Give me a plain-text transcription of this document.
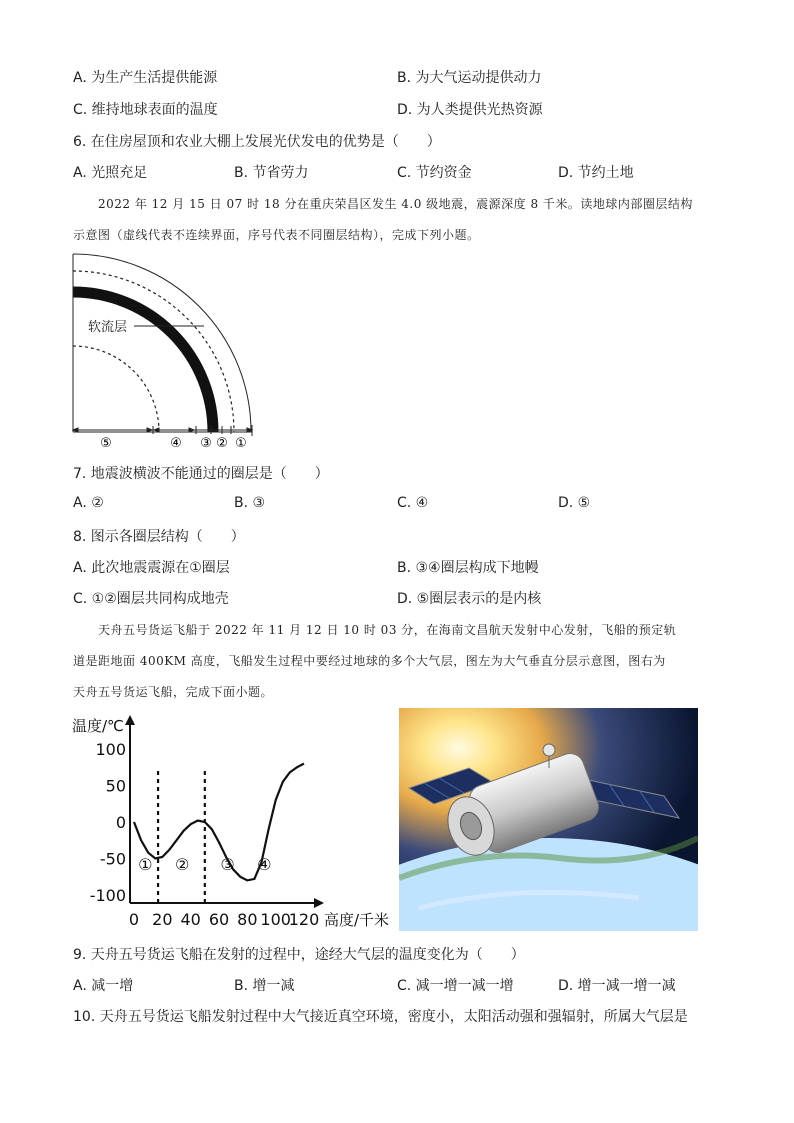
A. 为生产生活提供能源	B. 为大气运动提供动力
C. 维持地球表面的温度	D. 为人类提供光热资源
6. 在住房屋顶和农业大棚上发展光伏发电的优势是（　　）
A. 光照充足	B. 节省劳力	C. 节约资金	D. 节约土地
2022 年 12 月 15 日 07 时 18 分在重庆荣昌区发生 4.0 级地震，震源深度 8 千米。读地球内部圈层结构
示意图（虚线代表不连续界面，序号代表不同圈层结构），完成下列小题。
软流层
⑤	④ ③ ② ①
7. 地震波横波不能通过的圈层是（　　）
A. ②	B. ③	C. ④	D. ⑤
8. 图示各圈层结构（　　）
A. 此次地震震源在①圈层	B. ③④圈层构成下地幔
C. ①②圈层共同构成地壳	D. ⑤圈层表示的是内核
天舟五号货运飞船于 2022 年 11 月 12 日 10 时 03 分，在海南文昌航天发射中心发射，飞船的预定轨
道是距地面 400KM 高度，飞船发生过程中要经过地球的多个大气层，图左为大气垂直分层示意图，图右为
天舟五号货运飞船，完成下面小题。
100
50
0
-50
-100
0 20 40 60 80 100
120
① ② ③ ④
温度/℃
高度/千米
9. 天舟五号货运飞船在发射的过程中，途经大气层的温度变化为（　　）
A. 减一增	B. 增一减	C. 减一增一减一增	D. 增一减一增一减
10. 天舟五号货运飞船发射过程中大气接近真空环境，密度小，太阳活动强和强辐射，所属大气层是
